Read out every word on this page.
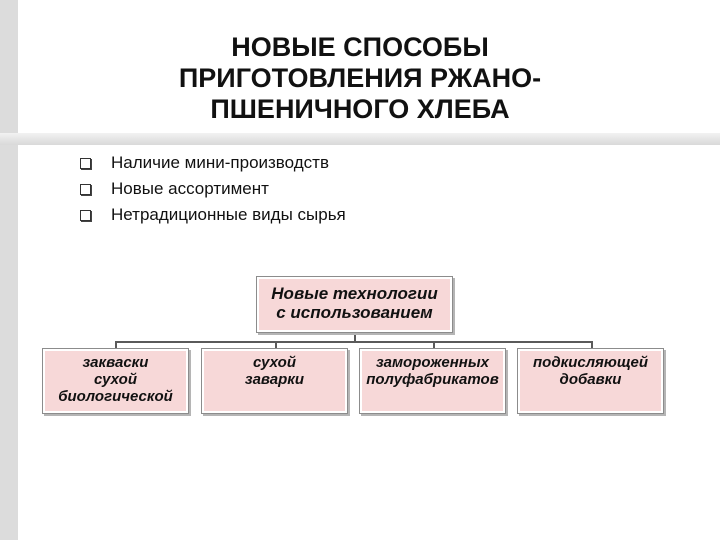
НОВЫЕ СПОСОБЫ
ПРИГОТОВЛЕНИЯ РЖАНО-
ПШЕНИЧНОГО ХЛЕБА
Наличие мини-производств
Новые ассортимент
Нетрадиционные виды сырья
Новые технологии
с использованием
закваски
сухой
биологической
сухой
заварки
замороженных
полуфабрикатов
подкисляющей
добавки
